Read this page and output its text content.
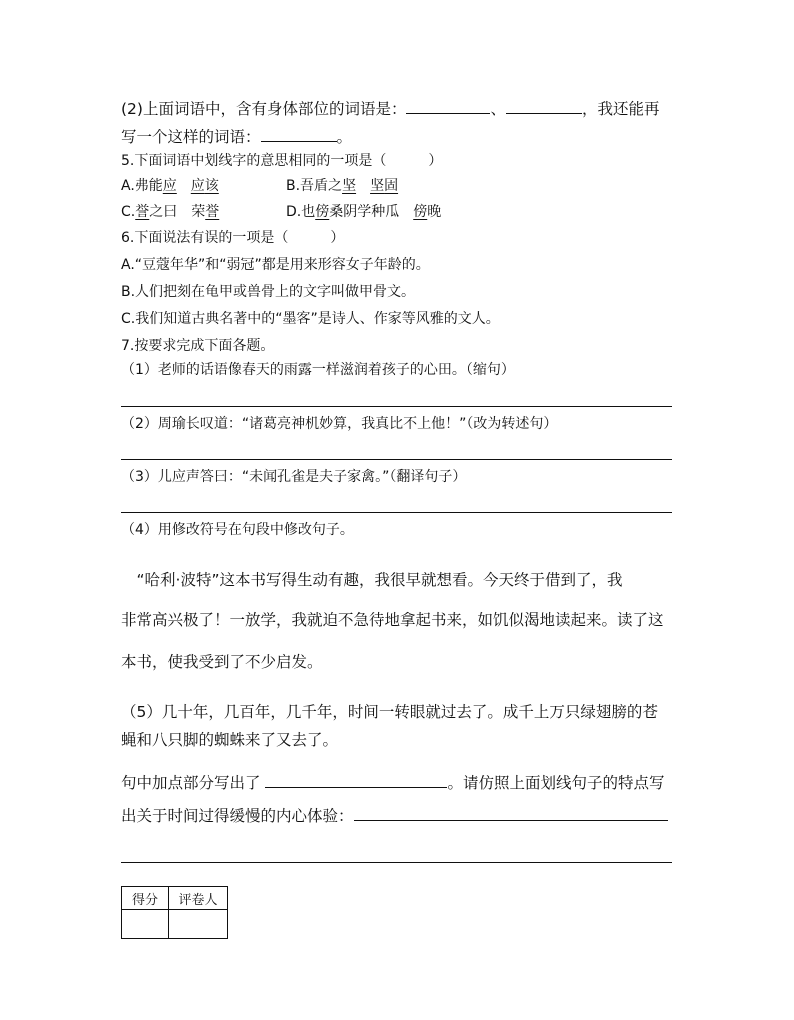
(2)上面词语中，含有身体部位的词语是：	、	，我还能再
写一个这样的词语：	。
5.下面词语中划线字的意思相同的一项是（　　　）
A.弗能应　 应该	B.吾盾之坚　 坚固
C.誉之曰　荣誉	D.也傍桑阴学种瓜　傍晚
6.下面说法有误的一项是（　　　）
A.“豆蔻年华”和“弱冠”都是用来形容女子年龄的。
B.人们把刻在龟甲或兽骨上的文字叫做甲骨文。
C.我们知道古典名著中的“墨客”是诗人、作家等风雅的文人。
7.按要求完成下面各题。
（1）老师的话语像春天的雨露一样滋润着孩子的心田。（缩句）
（2）周瑜长叹道：“诸葛亮神机妙算，我真比不上他！”（改为转述句）
（3）儿应声答曰：“未闻孔雀是夫子家禽。”（翻译句子）
（4）用修改符号在句段中修改句子。
　“哈利·波特”这本书写得生动有趣，我很早就想看。今天终于借到了，我
非常高兴极了！一放学，我就迫不急待地拿起书来，如饥似渴地读起来。读了这
本书，使我受到了不少启发。
（5）几十年，几百年，几千年，时间一转眼就过去了。成千上万只绿翅膀的苍
蝇和八只脚的蜘蛛来了又去了。
句中加点部分写出了	。请仿照上面划线句子的特点写
出关于时间过得缓慢的内心体验：
得分	评卷人
